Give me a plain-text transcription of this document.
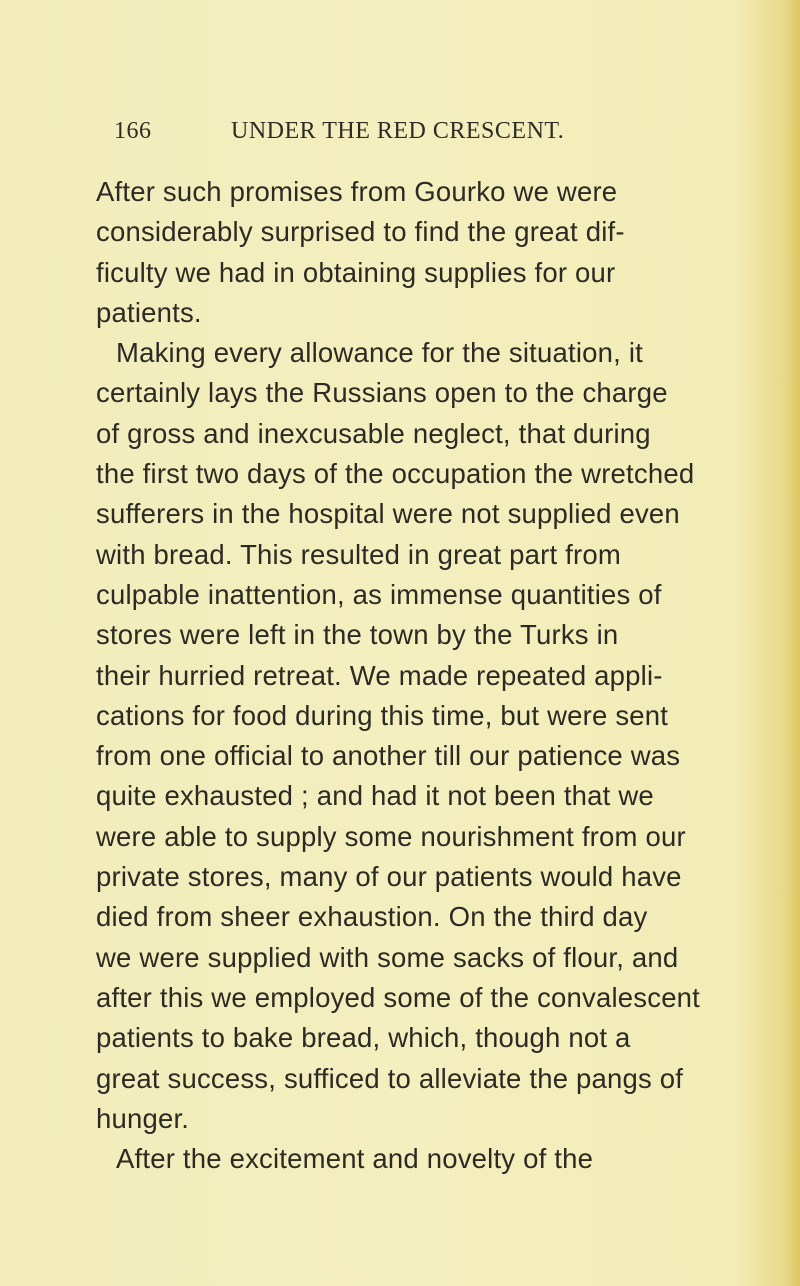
166	UNDER THE RED CRESCENT.
After such promises from Gourko we were
considerably surprised to find the great dif-
ficulty we had in obtaining supplies for our
patients.
Making every allowance for the situation, it
certainly lays the Russians open to the charge
of gross and inexcusable neglect, that during
the first two days of the occupation the wretched
sufferers in the hospital were not supplied even
with bread. This resulted in great part from
culpable inattention, as immense quantities of
stores were left in the town by the Turks in
their hurried retreat. We made repeated appli-
cations for food during this time, but were sent
from one official to another till our patience was
quite exhausted ; and had it not been that we
were able to supply some nourishment from our
private stores, many of our patients would have
died from sheer exhaustion. On the third day
we were supplied with some sacks of flour, and
after this we employed some of the convalescent
patients to bake bread, which, though not a
great success, sufficed to alleviate the pangs of
hunger.
After the excitement and novelty of the
